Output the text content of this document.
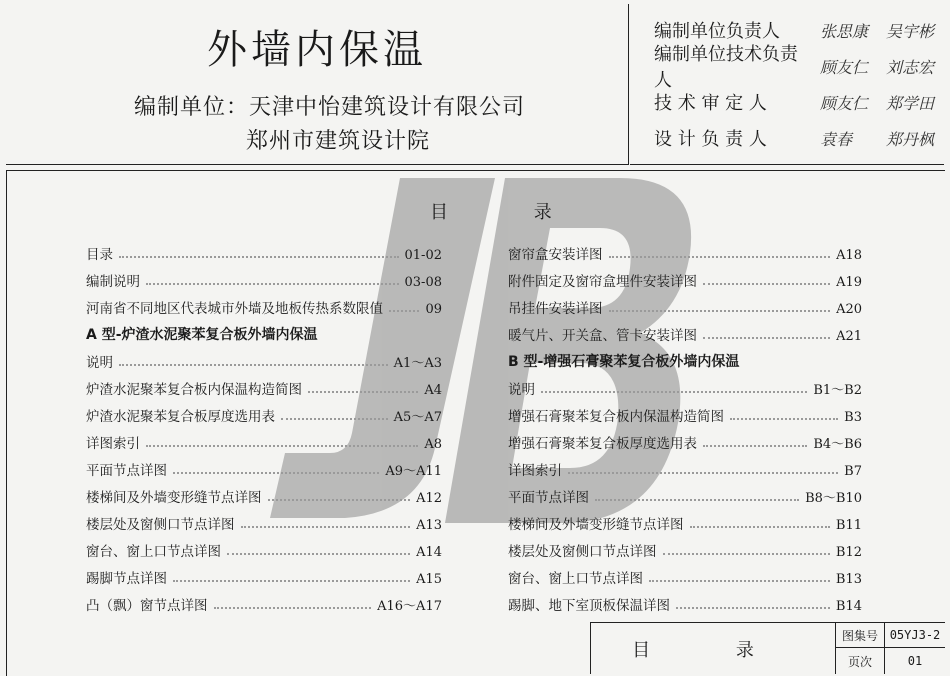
外墙内保温
编制单位：天津中怡建筑设计有限公司
郑州市建筑设计院
编制单位负责人	张思康	吴宇彬
编制单位技术负责人
顾友仁	刘志宏
技 术 审 定 人	顾友仁	郑学田
设 计 负 责 人	袁春	郑丹枫
目 录
目录	01-02
编制说明	03-08
河南省不同地区代表城市外墙及地板传热系数限值	09
A 型-炉渣水泥聚苯复合板外墙内保温
说明	A1～A3
炉渣水泥聚苯复合板内保温构造简图	A4
炉渣水泥聚苯复合板厚度选用表	A5～A7
详图索引	A8
平面节点详图	A9～A11
楼梯间及外墙变形缝节点详图	A12
楼层处及窗侧口节点详图	A13
窗台、窗上口节点详图	A14
踢脚节点详图	A15
凸（飘）窗节点详图	A16～A17
窗帘盒安装详图	A18
附件固定及窗帘盒埋件安装详图	A19
吊挂件安装详图	A20
暖气片、开关盒、管卡安装详图	A21
B 型-增强石膏聚苯复合板外墙内保温
说明	B1～B2
增强石膏聚苯复合板内保温构造简图	B3
增强石膏聚苯复合板厚度选用表	B4～B6
详图索引	B7
平面节点详图	B8～B10
楼梯间及外墙变形缝节点详图	B11
楼层处及窗侧口节点详图	B12
窗台、窗上口节点详图	B13
踢脚、地下室顶板保温详图	B14
目 录
图集号 05YJ3-2
页次	01
